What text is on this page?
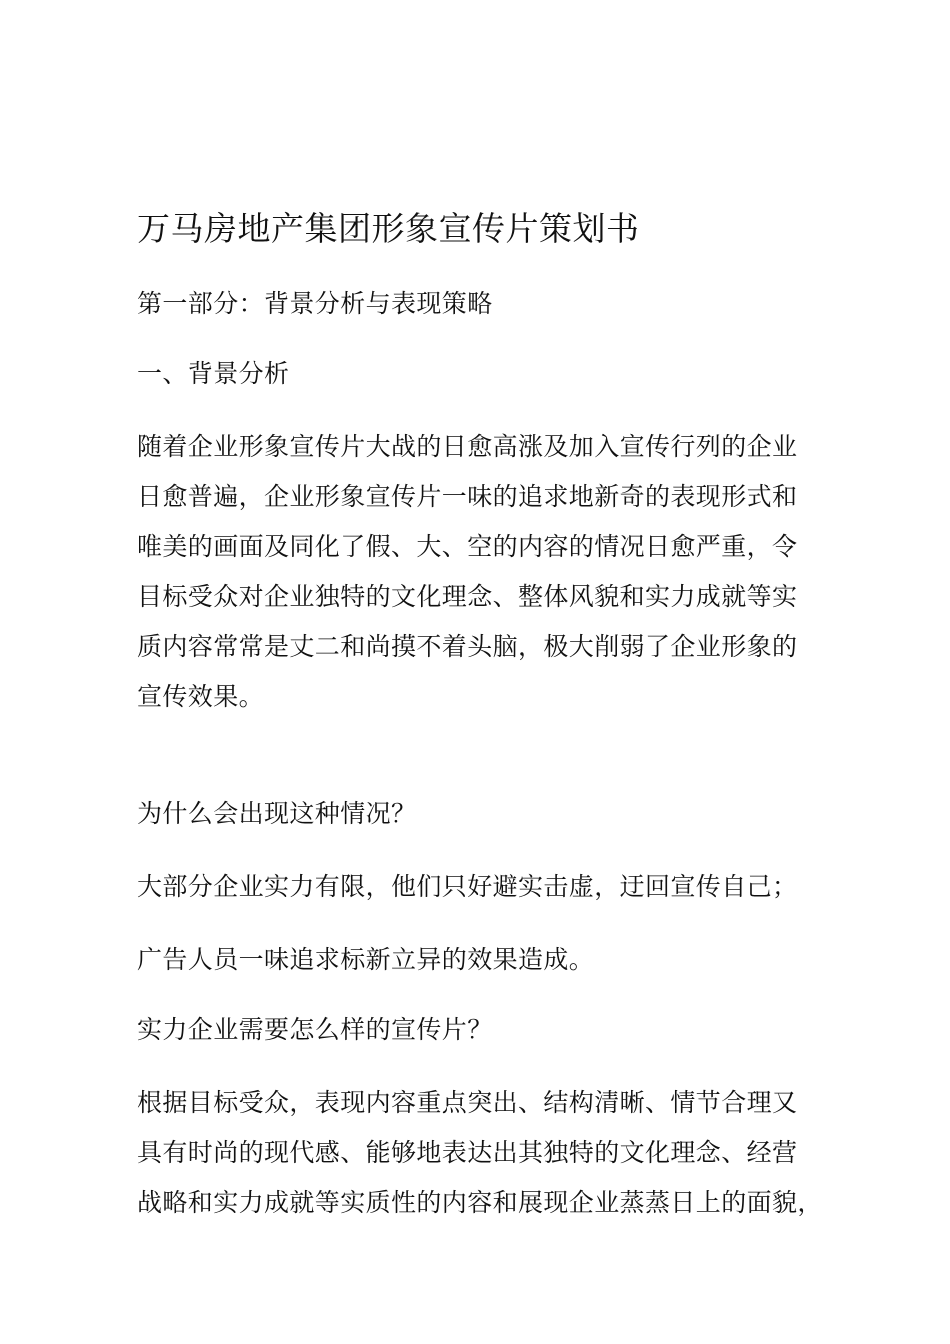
万马房地产集团形象宣传片策划书

第一部分：背景分析与表现策略

一、背景分析

随着企业形象宣传片大战的日愈高涨及加入宣传行列的企业

日愈普遍，企业形象宣传片一味的追求地新奇的表现形式和

唯美的画面及同化了假、大、空的内容的情况日愈严重，令

目标受众对企业独特的文化理念、整体风貌和实力成就等实

质内容常常是丈二和尚摸不着头脑，极大削弱了企业形象的

宣传效果。

为什么会出现这种情况？

大部分企业实力有限，他们只好避实击虚，迂回宣传自己；

广告人员一味追求标新立异的效果造成。

实力企业需要怎么样的宣传片？

根据目标受众，表现内容重点突出、结构清晰、情节合理又

具有时尚的现代感、能够地表达出其独特的文化理念、经营

战略和实力成就等实质性的内容和展现企业蒸蒸日上的面貌，
